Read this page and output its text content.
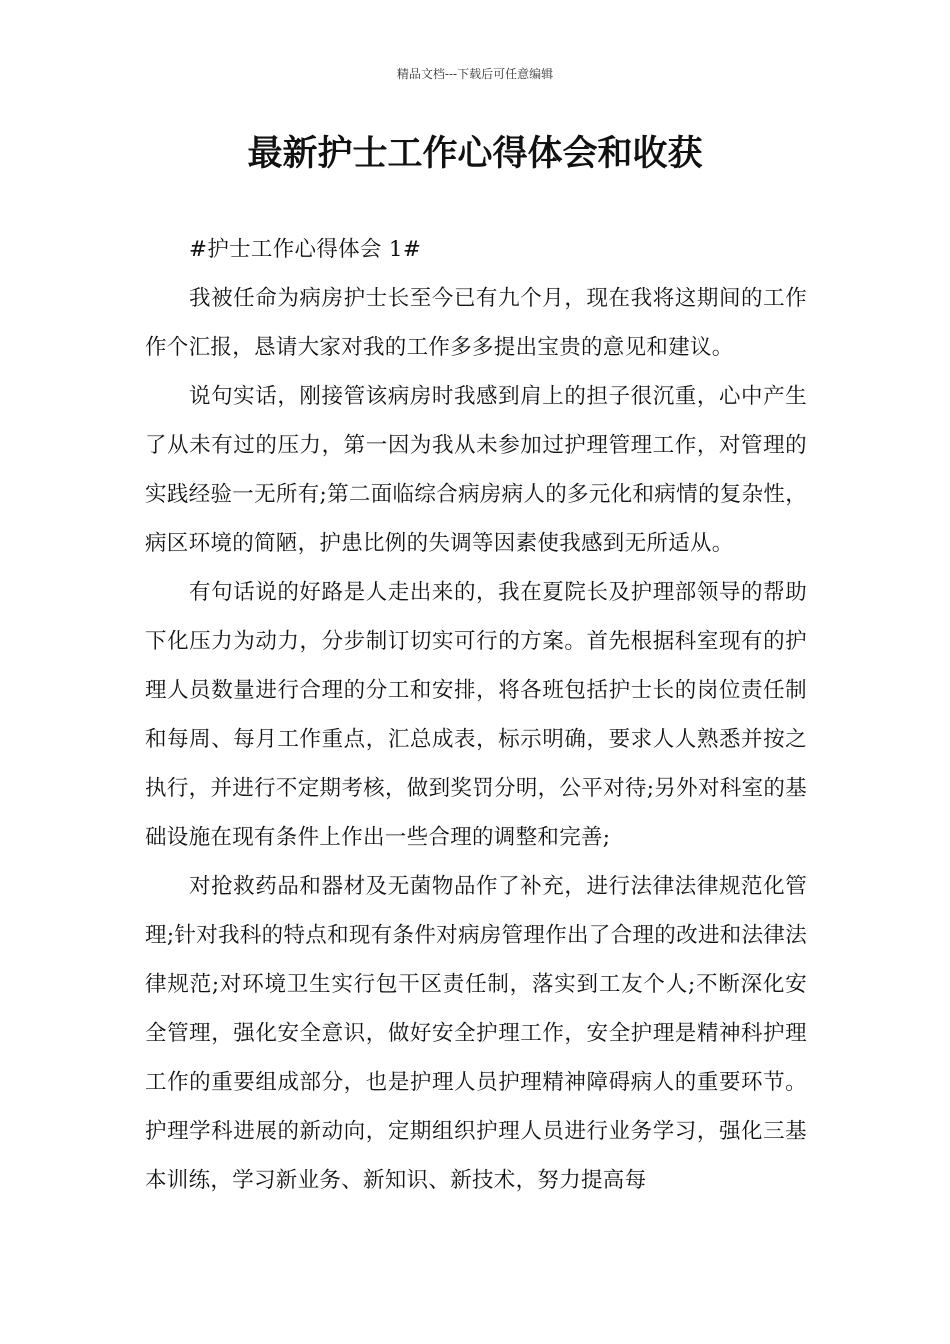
精品文档---下载后可任意编辑
最新护士工作心得体会和收获

#护士工作心得体会 1#

我被任命为病房护士长至今已有九个月，现在我将这期间的工作作个汇报，恳请大家对我的工作多多提出宝贵的意见和建议。

说句实话，刚接管该病房时我感到肩上的担子很沉重，心中产生了从未有过的压力，第一因为我从未参加过护理管理工作，对管理的实践经验一无所有;第二面临综合病房病人的多元化和病情的复杂性，病区环境的简陋，护患比例的失调等因素使我感到无所适从。

有句话说的好路是人走出来的，我在夏院长及护理部领导的帮助下化压力为动力，分步制订切实可行的方案。首先根据科室现有的护理人员数量进行合理的分工和安排，将各班包括护士长的岗位责任制和每周、每月工作重点，汇总成表，标示明确，要求人人熟悉并按之执行，并进行不定期考核，做到奖罚分明，公平对待;另外对科室的基础设施在现有条件上作出一些合理的调整和完善;

对抢救药品和器材及无菌物品作了补充，进行法律法律规范化管理;针对我科的特点和现有条件对病房管理作出了合理的改进和法律法律规范;对环境卫生实行包干区责任制，落实到工友个人;不断深化安全管理，强化安全意识，做好安全护理工作，安全护理是精神科护理工作的重要组成部分，也是护理人员护理精神障碍病人的重要环节。护理学科进展的新动向，定期组织护理人员进行业务学习，强化三基本训练，学习新业务、新知识、新技术，努力提高每
